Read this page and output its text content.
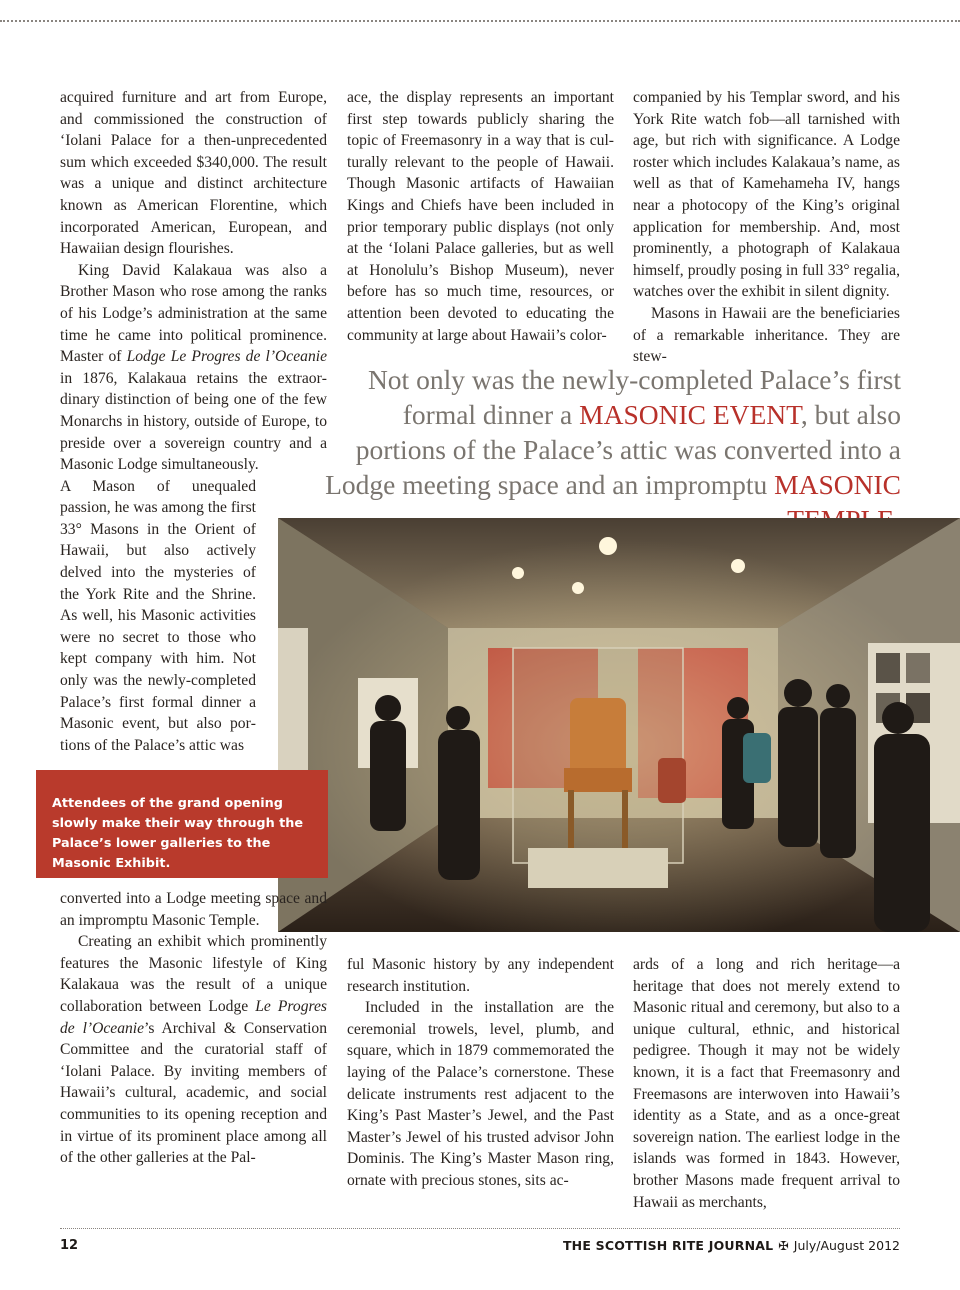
acquired furniture and art from Europe, and commissioned the construction of ‘Iolani Palace for a then-unprecedented sum which exceeded $340,000. The result was a unique and distinct architecture known as American Florentine, which incorporated American, European, and Hawaiian design flourishes.

King David Kalakaua was also a Brother Mason who rose among the ranks of his Lodge’s administration at the same time he came into political prominence. Master of Lodge Le Progres de l’Oceanie in 1876, Kalakaua retains the extraordinary distinction of being one of the few Monarchs in history, outside of Europe, to preside over a sovereign country and a Masonic Lodge simultaneously.

A Mason of unequaled passion, he was among the first 33° Masons in the Orient of Hawaii, but also actively delved into the mysteries of the York Rite and the Shrine. As well, his Masonic activities were no secret to those who kept company with him. Not only was the newly-completed Palace’s first formal dinner a Masonic event, but also portions of the Palace’s attic was

ace, the display represents an important first step towards publicly sharing the topic of Freemasonry in a way that is culturally relevant to the people of Hawaii. Though Masonic artifacts of Hawaiian Kings and Chiefs have been included in prior temporary public displays (not only at the ‘Iolani Palace galleries, but as well at Honolulu’s Bishop Museum), never before has so much time, resources, or attention been devoted to educating the community at large about Hawaii’s color-

companied by his Templar sword, and his York Rite watch fob—all tarnished with age, but rich with significance. A Lodge roster which includes Kalakaua’s name, as well as that of Kamehameha IV, hangs near a photocopy of the King’s original application for membership. And, most prominently, a photograph of Kalakaua himself, proudly posing in full 33° regalia, watches over the exhibit in silent dignity.

Masons in Hawaii are the beneficiaries of a remarkable inheritance. They are stew-

Not only was the newly-completed Palace’s first formal dinner a MASONIC EVENT, but also portions of the Palace’s attic was converted into a Lodge meeting space and an impromptu MASONIC
Attendees of the grand opening slowly make their way through the Palace’s lower galleries to the Masonic Exhibit.

converted into a Lodge meeting space and an impromptu Masonic Temple.

Creating an exhibit which prominently features the Masonic lifestyle of King Kalakaua was the result of a unique collaboration between Lodge Le Progres de l’Oceanie’s Archival & Conservation Committee and the curatorial staff of ‘Iolani Palace. By inviting members of Hawaii’s cultural, academic, and social communities to its opening reception and in virtue of its prominent place among all of the other galleries at the Pal-

ful Masonic history by any independent research institution.

Included in the installation are the ceremonial trowels, level, plumb, and square, which in 1879 commemorated the laying of the Palace’s cornerstone. These delicate instruments rest adjacent to the King’s Past Master’s Jewel, and the Past Master’s Jewel of his trusted advisor John Dominis. The King’s Master Mason ring, ornate with precious stones, sits ac-

ards of a long and rich heritage—a heritage that does not merely extend to Masonic ritual and ceremony, but also to a unique cultural, ethnic, and historical pedigree. Though it may not be widely known, it is a fact that Freemasonry and Freemasons are interwoven into Hawaii’s identity as a State, and as a once-great sovereign nation. The earliest lodge in the islands was formed in 1843. However, brother Masons made frequent arrival to Hawaii as merchants,

12	THE SCOTTISH RITE JOURNAL ✠ July/August 2012
